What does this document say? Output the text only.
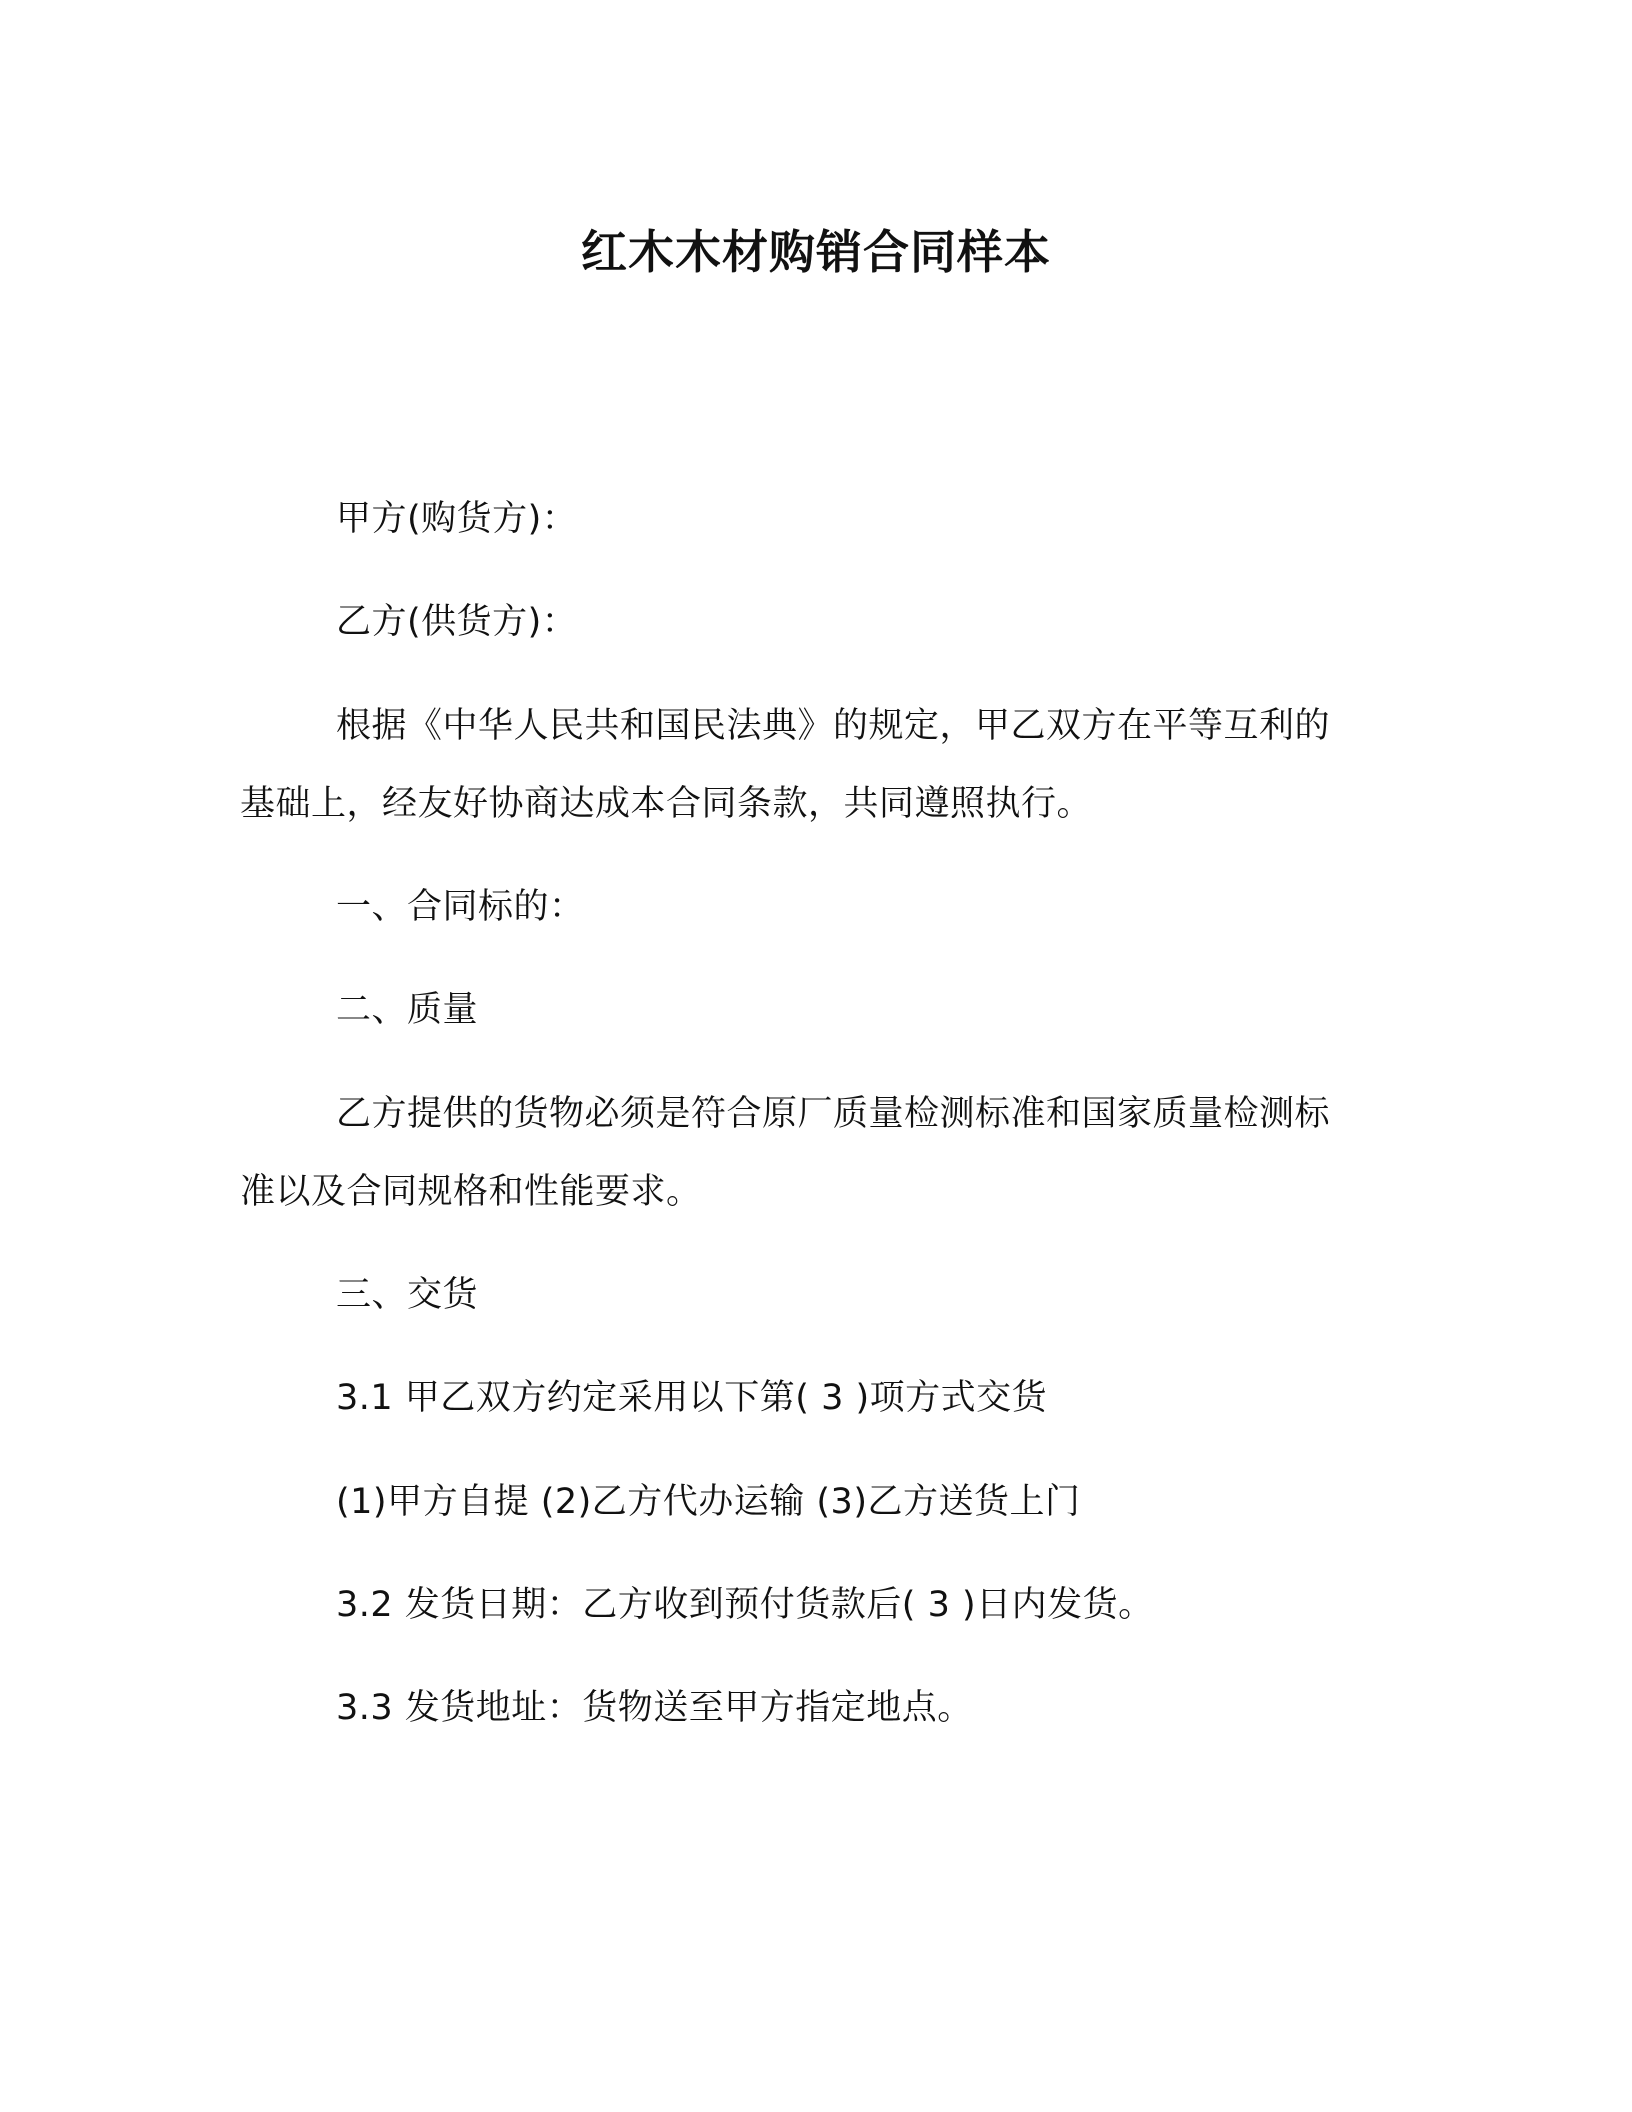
红木木材购销合同样本
甲方(购货方)：
乙方(供货方)：
根据《中华人民共和国民法典》的规定，甲乙双方在平等互利的
基础上，经友好协商达成本合同条款，共同遵照执行。
一、合同标的：
二、质量
乙方提供的货物必须是符合原厂质量检测标准和国家质量检测标
准以及合同规格和性能要求。
三、交货
3.1 甲乙双方约定采用以下第( 3 )项方式交货
(1)甲方自提 (2)乙方代办运输 (3)乙方送货上门
3.2 发货日期：乙方收到预付货款后( 3 )日内发货。
3.3 发货地址：货物送至甲方指定地点。
